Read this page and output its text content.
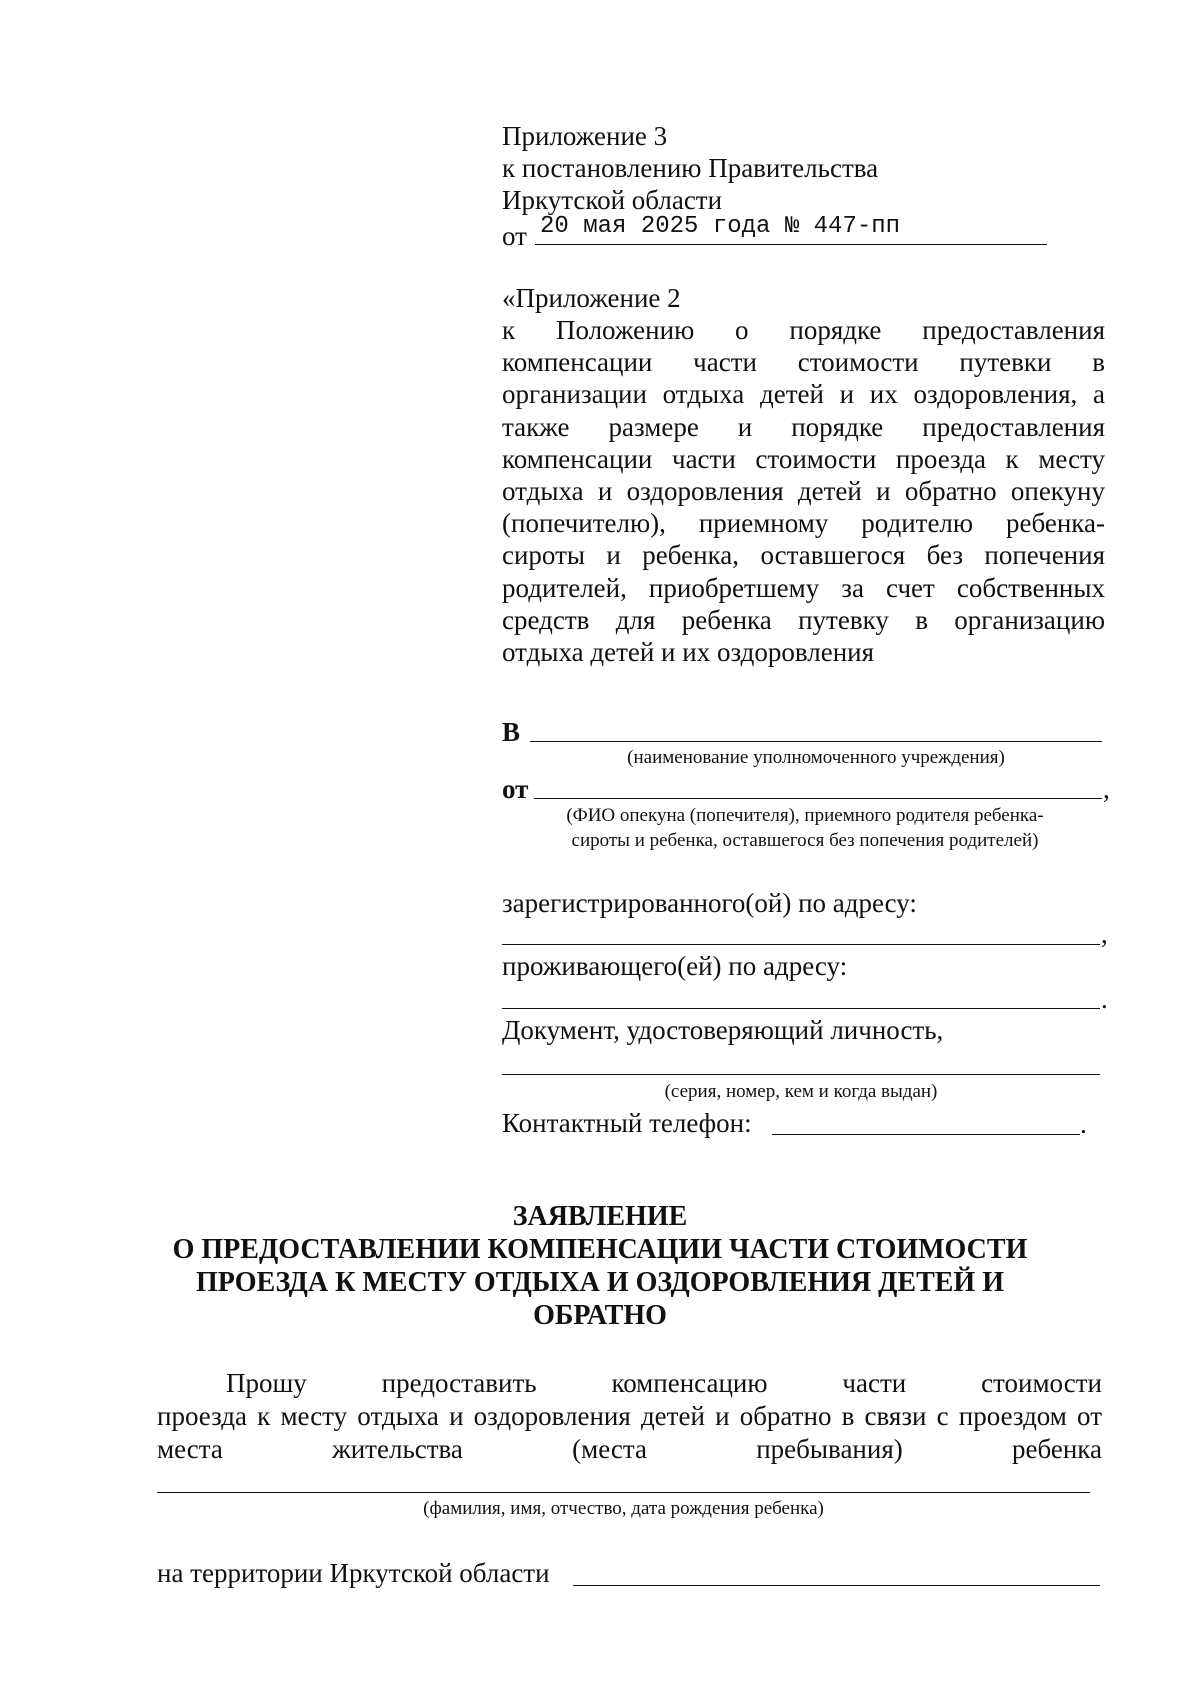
Приложение 3
к постановлению Правительства
Иркутской области
от 20 мая 2025 года № 447-пп
«Приложение 2
к Положению о порядке предоставления
компенсации части стоимости путевки в
организации отдыха детей и их оздоровления, а
также размере и порядке предоставления
компенсации части стоимости проезда к месту
отдыха и оздоровления детей и обратно опекуну
(попечителю), приемному родителю ребенка-
сироты и ребенка, оставшегося без попечения
родителей, приобретшему за счет собственных
средств для ребенка путевку в организацию
отдыха детей и их оздоровления
В
(наименование уполномоченного учреждения)
от	,
(ФИО опекуна (попечителя), приемного родителя ребенка-
сироты и ребенка, оставшегося без попечения родителей)
зарегистрированного(ой) по адресу:
,
проживающего(ей) по адресу:
.
Документ, удостоверяющий личность,
(серия, номер, кем и когда выдан)
Контактный телефон:	.
ЗАЯВЛЕНИЕ
О ПРЕДОСТАВЛЕНИИ КОМПЕНСАЦИИ ЧАСТИ СТОИМОСТИ
ПРОЕЗДА К МЕСТУ ОТДЫХА И ОЗДОРОВЛЕНИЯ ДЕТЕЙ И
ОБРАТНО
Прошу	предоставить	компенсацию	части	стоимости
проезда к месту отдыха и оздоровления детей и обратно в связи с проездом от
места	жительства	(места	пребывания)	ребенка
(фамилия, имя, отчество, дата рождения ребенка)
на территории Иркутской области
